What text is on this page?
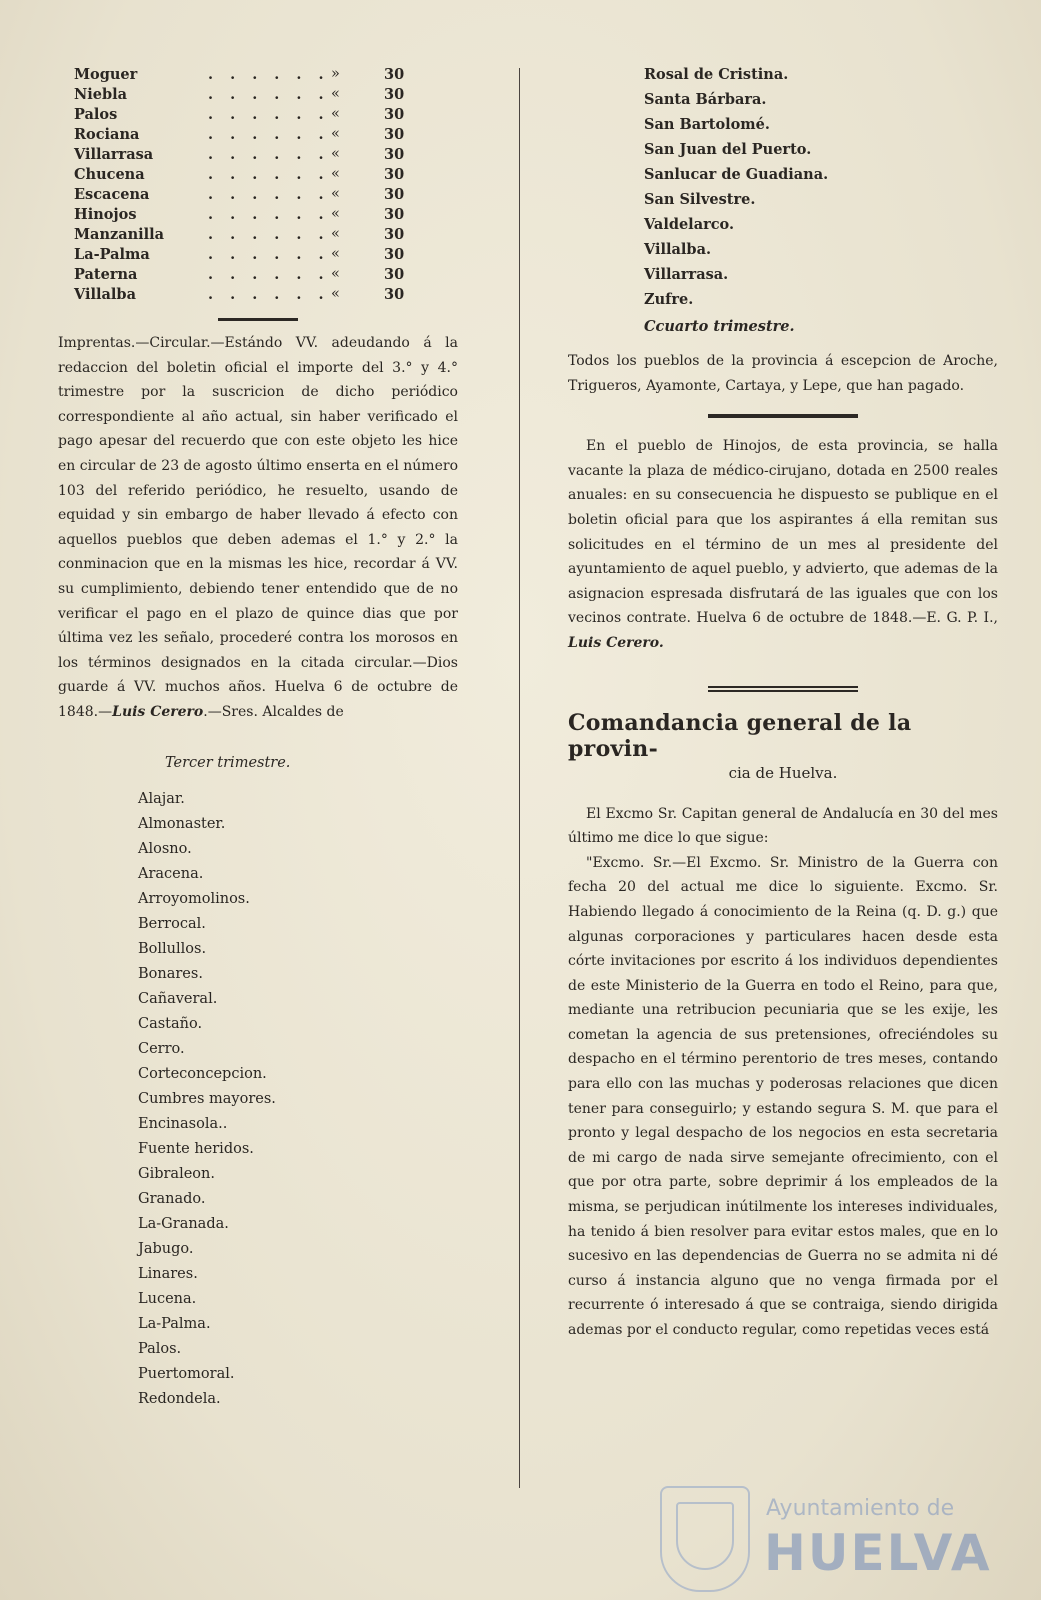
Moguer	. . . . . . »	30
Niebla	. . . . . . «	30
Palos	. . . . . . «	30
Rociana	. . . . . . «	30
Villarrasa	. . . . . . «	30
Chucena	. . . . . . «	30
Escacena	. . . . . . «	30
Hinojos	. . . . . . «	30
Manzanilla	. . . . . . «	30
La-Palma	. . . . . . «	30
Paterna	. . . . . . «	30
Villalba	. . . . . . «	30

Imprentas.—Circular.—Estándo VV. adeudando á la redaccion del boletin oficial el importe del 3.° y 4.° trimestre por la suscricion de dicho periódico correspondiente al año actual, sin haber verificado el pago apesar del recuerdo que con este objeto les hice en circular de 23 de agosto último enserta en el número 103 del referido periódico, he resuelto, usando de equidad y sin embargo de haber llevado á efecto con aquellos pueblos que deben ademas el 1.° y 2.° la conminacion que en la mismas les hice, recordar á VV. su cumplimiento, debiendo tener entendido que de no verificar el pago en el plazo de quince dias que por última vez les señalo, procederé contra los morosos en los términos designados en la citada circular.—Dios guarde á VV. muchos años. Huelva 6 de octubre de 1848.—Luis Cerero.—Sres. Alcaldes de

Tercer trimestre.
Alajar.
Almonaster.
Alosno.
Aracena.
Arroyomolinos.
Berrocal.
Bollullos.
Bonares.
Cañaveral.
Castaño.
Cerro.
Corteconcepcion.
Cumbres mayores.
Encinasola..
Fuente heridos.
Gibraleon.
Granado.
La-Granada.
Jabugo.
Linares.
Lucena.
La-Palma.
Palos.
Puertomoral.
Redondela.
Rosal de Cristina.
Santa Bárbara.
San Bartolomé.
San Juan del Puerto.
Sanlucar de Guadiana.
San Silvestre.
Valdelarco.
Villalba.
Villarrasa.
Zufre.
Ccuarto trimestre.

Todos los pueblos de la provincia á escepcion de Aroche, Trigueros, Ayamonte, Cartaya, y Lepe, que han pagado.

En el pueblo de Hinojos, de esta provincia, se halla vacante la plaza de médico-cirujano, dotada en 2500 reales anuales: en su consecuencia he dispuesto se publique en el boletin oficial para que los aspirantes á ella remitan sus solicitudes en el término de un mes al presidente del ayuntamiento de aquel pueblo, y advierto, que ademas de la asignacion espresada disfrutará de las iguales que con los vecinos contrate. Huelva 6 de octubre de 1848.—E. G. P. I., Luis Cerero.

Comandancia general de la provin-
cia de Huelva.

El Excmo Sr. Capitan general de Andalucía en 30 del mes último me dice lo que sigue:

"Excmo. Sr.—El Excmo. Sr. Ministro de la Guerra con fecha 20 del actual me dice lo siguiente. Excmo. Sr. Habiendo llegado á conocimiento de la Reina (q. D. g.) que algunas corporaciones y particulares hacen desde esta córte invitaciones por escrito á los individuos dependientes de este Ministerio de la Guerra en todo el Reino, para que, mediante una retribucion pecuniaria que se les exije, les cometan la agencia de sus pretensiones, ofreciéndoles su despacho en el término perentorio de tres meses, contando para ello con las muchas y poderosas relaciones que dicen tener para conseguirlo; y estando segura S. M. que para el pronto y legal despacho de los negocios en esta secretaria de mi cargo de nada sirve semejante ofrecimiento, con el que por otra parte, sobre deprimir á los empleados de la misma, se perjudican inútilmente los intereses individuales, ha tenido á bien resolver para evitar estos males, que en lo sucesivo en las dependencias de Guerra no se admita ni dé curso á instancia alguno que no venga firmada por el recurrente ó interesado á que se contraiga, siendo dirigida ademas por el conducto regular, como repetidas veces está

Ayuntamiento de
HUELVA
